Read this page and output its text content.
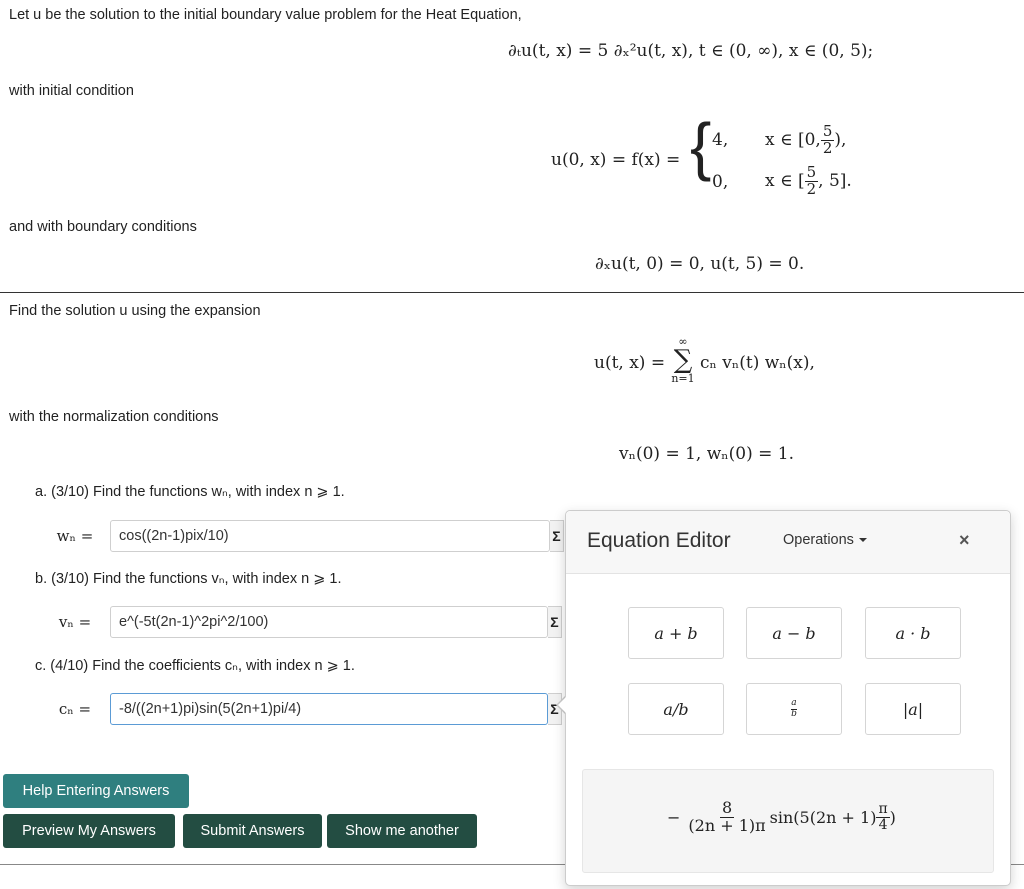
Let u be the solution to the initial boundary value problem for the Heat Equation,
∂ₜu(t, x) = 5 ∂ₓ²u(t, x), t ∈ (0, ∞), x ∈ (0, 5);
with initial condition
u(0, x) = f(x) = { 4, x ∈ [0, $\frac{5}{2}$ ),
0, x ∈ [ $\frac{5}{2}$ , 5].
and with boundary conditions
∂ₓu(t, 0) = 0, u(t, 5) = 0.
Find the solution u using the expansion
u(t, x) =
∞
∑
n=1
cₙ vₙ(t) wₙ(x),
with the normalization conditions
vₙ(0) = 1, wₙ(0) = 1.
a. (3/10) Find the functions wₙ, with index n ⩾ 1.
wₙ =
cos((2n-1)pix/10)	Σ
b. (3/10) Find the functions vₙ, with index n ⩾ 1.
vₙ =
e^(-5t(2n-1)^2pi^2/100)	Σ
c. (4/10) Find the coefficients cₙ, with index n ⩾ 1.
cₙ =
-8/((2n+1)pi)sin(5(2n+1)pi/4)	Σ
Help Entering Answers
Preview My Answers	Submit Answers	Show me another
Equation Editor	Operations	×
a + b	a − b	a · b
a/b	$\frac{a}{b}$	|a|
− $\frac{8}{(2n + 1)\pi} \sin(5(2n + 1) \frac{\pi}{4}$ )
